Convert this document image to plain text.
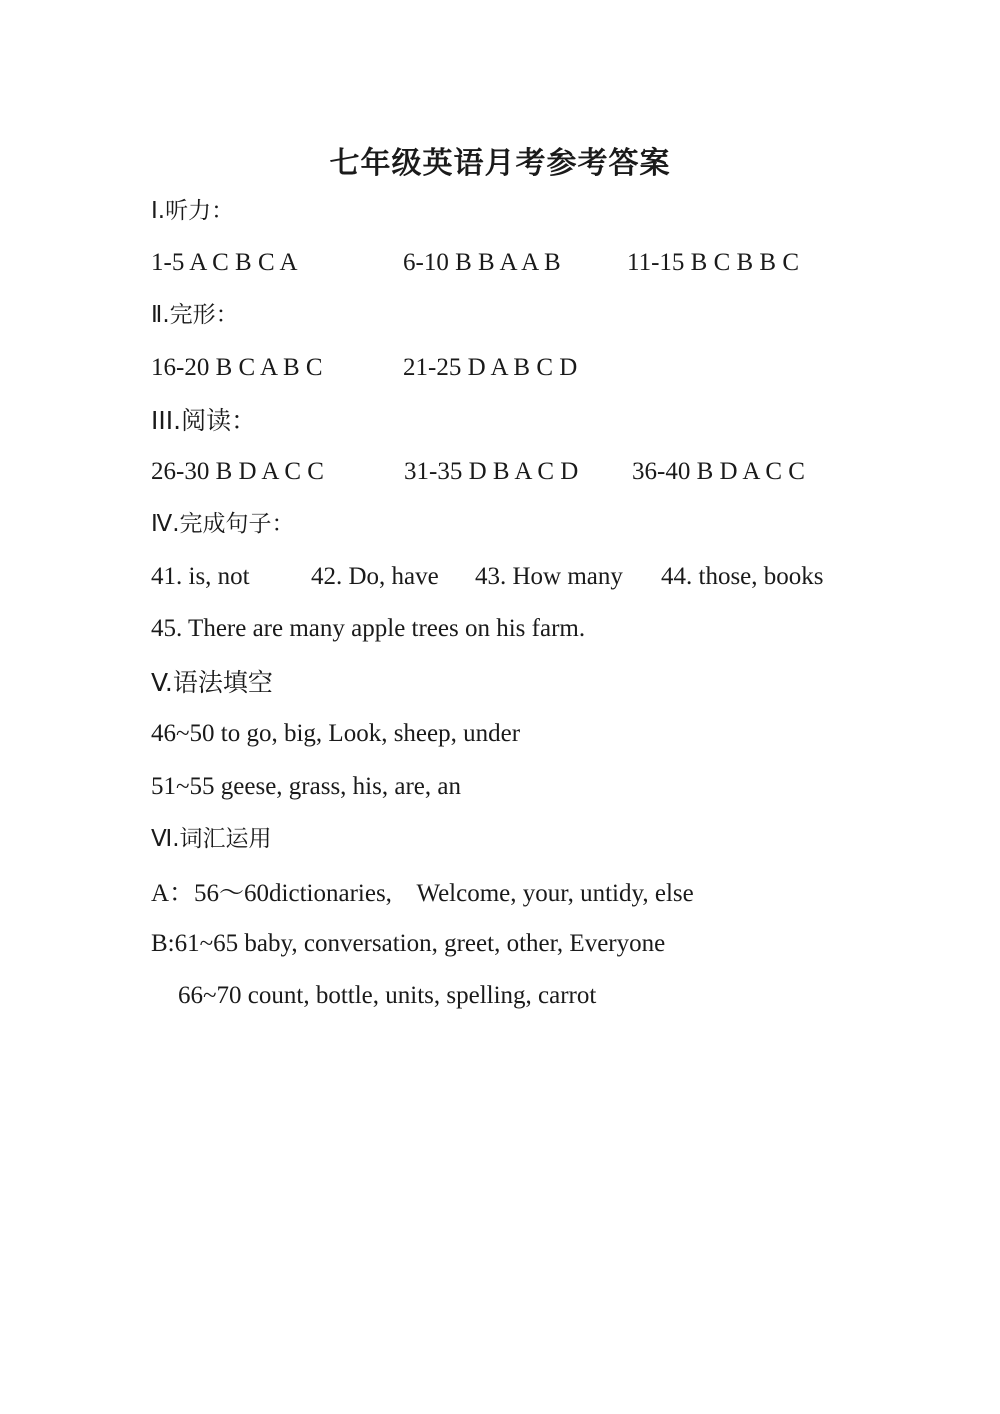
七年级英语月考参考答案
Ⅰ.听力：
1-5 A C B C A	6-10 B B A A B	11-15 B C B B C
Ⅱ.完形：
16-20 B C A B C	21-25 D A B C D
III.阅读：
26-30 B D A C C	31-35 D B A C D 36-40 B D A C C
Ⅳ.完成句子：
41. is, not 42. Do, have 43. How many 44. those, books
45. There are many apple trees on his farm.
V.语法填空
46~50 to go, big, Look, sheep, under
51~55 geese, grass, his, are, an
Ⅵ.词汇运用
A：56～60dictionaries,    Welcome, your, untidy, else
B:61~65 baby, conversation, greet, other, Everyone
66~70 count, bottle, units, spelling, carrot
